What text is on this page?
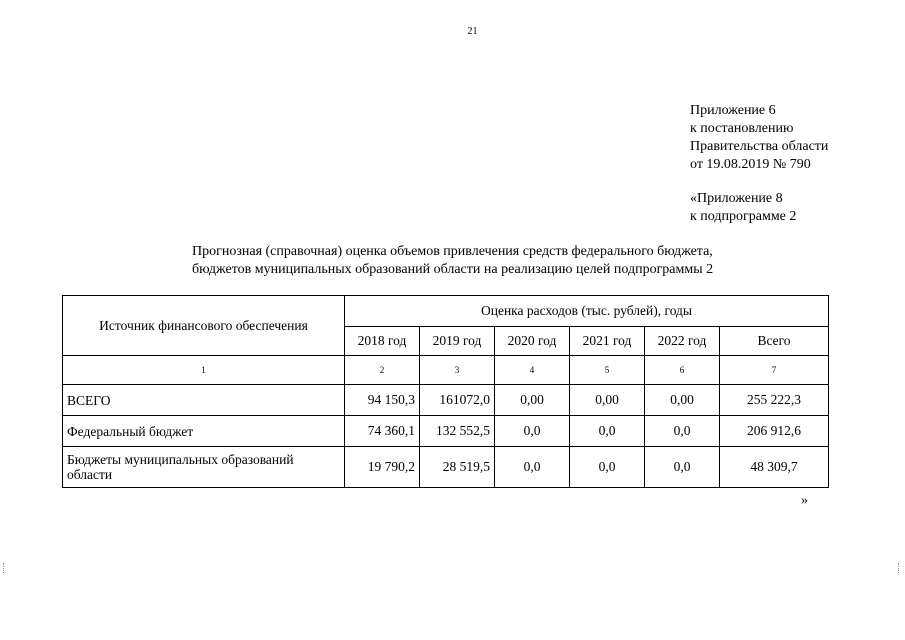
21
Приложение 6
к постановлению
Правительства области
от 19.08.2019 № 790
«Приложение 8
к подпрограмме 2
Прогнозная (справочная) оценка объемов привлечения средств федерального бюджета,
бюджетов муниципальных образований области на реализацию целей подпрограммы 2
Источник финансового обеспечения	Оценка расходов (тыс. рублей), годы					
	2018 год	2019 год	2020 год	2021 год	2022 год	Всего
1	2	3	4	5	6	7
ВСЕГО	94 150,3	161072,0	0,00	0,00	0,00	255 222,3
Федеральный бюджет	74 360,1	132 552,5	0,0	0,0	0,0	206 912,6
Бюджеты муниципальных образований области	19 790,2	28 519,5	0,0	0,0	0,0	48 309,7
»
